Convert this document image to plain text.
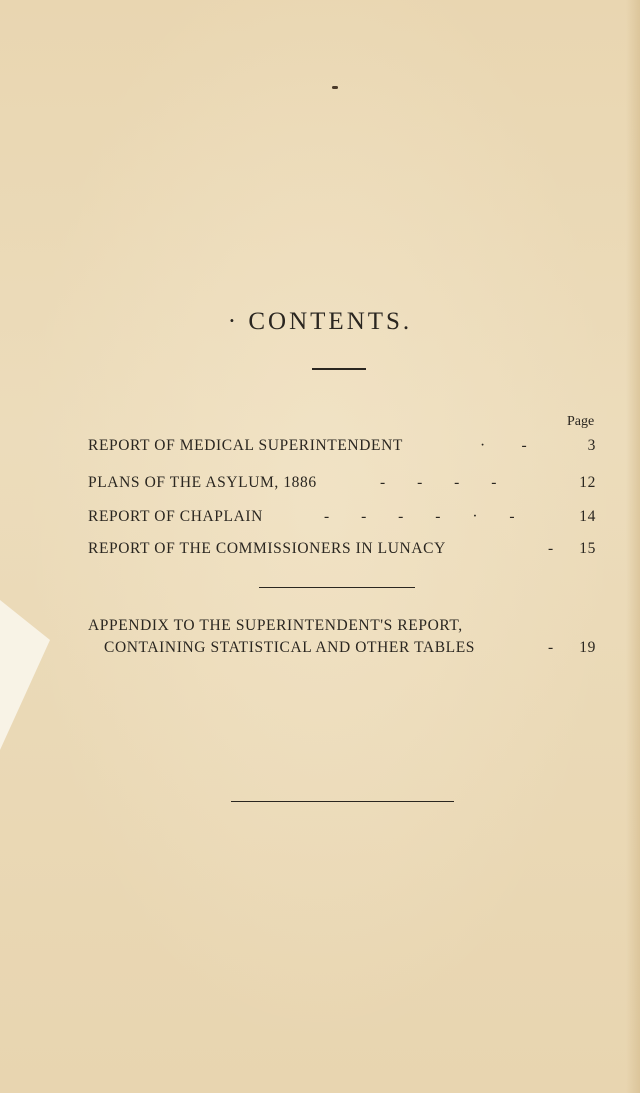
· CONTENTS.
Page
REPORT OF MEDICAL SUPERINTENDENT	·        -	3
PLANS OF THE ASYLUM, 1886	-       -       -       -	12
REPORT OF CHAPLAIN	-       -       -       -       ·       -	14
REPORT OF THE COMMISSIONERS IN LUNACY	-	15
APPENDIX TO THE SUPERINTENDENT'S REPORT,
CONTAINING STATISTICAL AND OTHER TABLES	-	19
